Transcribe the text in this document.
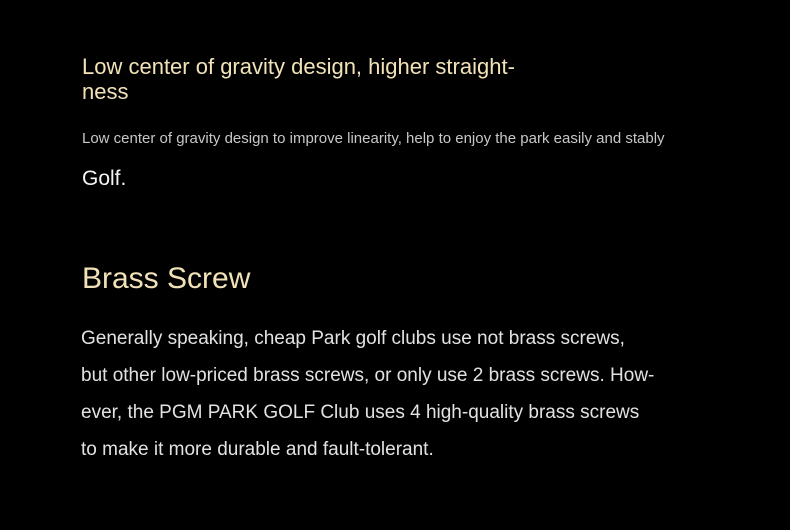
Low center of gravity design, higher straight-
ness

Low center of gravity design to improve linearity, help to enjoy the park easily and stably

Golf.

Brass Screw

Generally speaking, cheap Park golf clubs use not brass screws,
but other low-priced brass screws, or only use 2 brass screws. How-
ever, the PGM PARK GOLF Club uses 4 high-quality brass screws
to make it more durable and fault-tolerant.
